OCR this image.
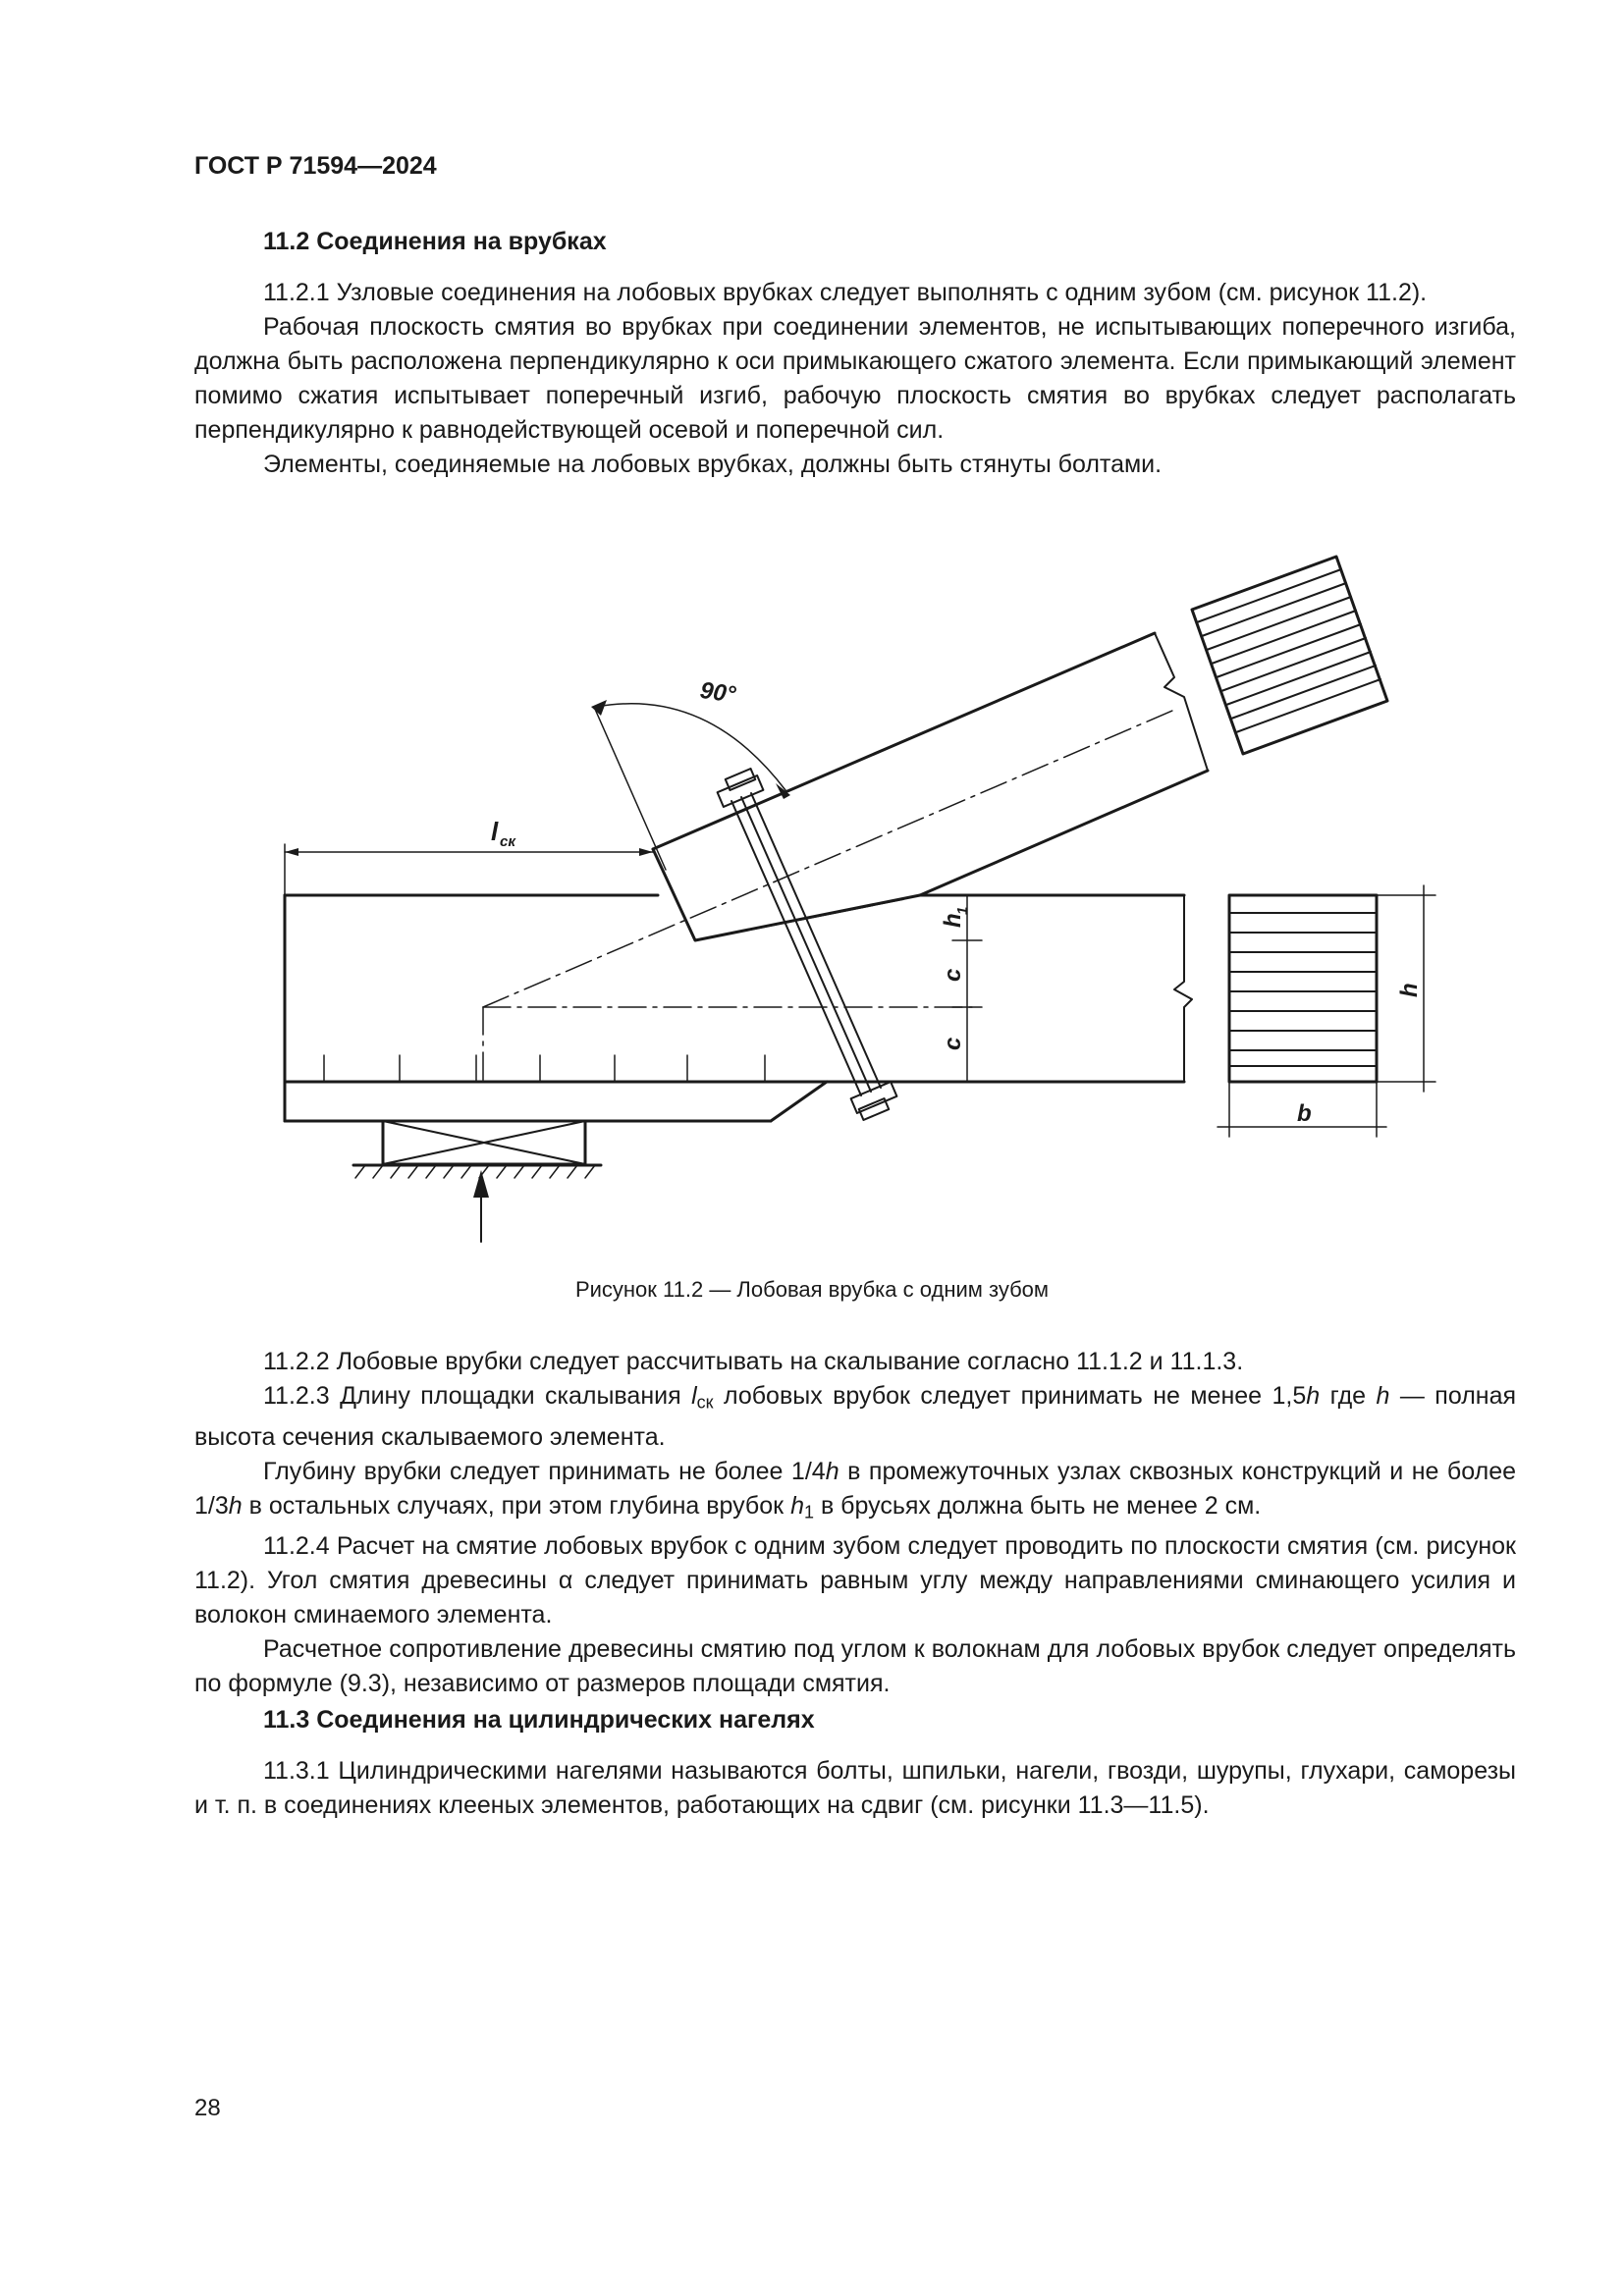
ГОСТ Р 71594—2024
11.2 Соединения на врубках

11.2.1 Узловые соединения на лобовых врубках следует выполнять с одним зубом (см. рисунок 11.2).

Рабочая плоскость смятия во врубках при соединении элементов, не испытывающих поперечного изгиба, должна быть расположена перпендикулярно к оси примыкающего сжатого элемента. Если примыкающий элемент помимо сжатия испытывает поперечный изгиб, рабочую плоскость смятия во врубках следует располагать перпендикулярно к равнодействующей осевой и поперечной сил.

Элементы, соединяемые на лобовых врубках, должны быть стянуты болтами.

90°
l ск
h
1
c
c
h
b
Рисунок 11.2 — Лобовая врубка с одним зубом

11.2.2 Лобовые врубки следует рассчитывать на скалывание согласно 11.1.2 и 11.1.3.

11.2.3 Длину площадки скалывания $l_{ск}$ лобовых врубок следует принимать не менее 1,5h где h — полная высота сечения скалываемого элемента.

Глубину врубки следует принимать не более 1/4h в промежуточных узлах сквозных конструкций и не более 1/3h в остальных случаях, при этом глубина врубок $h_1$ в брусьях должна быть не менее 2 см.

11.2.4 Расчет на смятие лобовых врубок с одним зубом следует проводить по плоскости смятия (см. рисунок 11.2). Угол смятия древесины α следует принимать равным углу между направлениями сминающего усилия и волокон сминаемого элемента.

Расчетное сопротивление древесины смятию под углом к волокнам для лобовых врубок следует определять по формуле (9.3), независимо от размеров площади смятия.

11.3 Соединения на цилиндрических нагелях

11.3.1 Цилиндрическими нагелями называются болты, шпильки, нагели, гвозди, шурупы, глухари, саморезы и т. п. в соединениях клееных элементов, работающих на сдвиг (см. рисунки 11.3—11.5).

28
